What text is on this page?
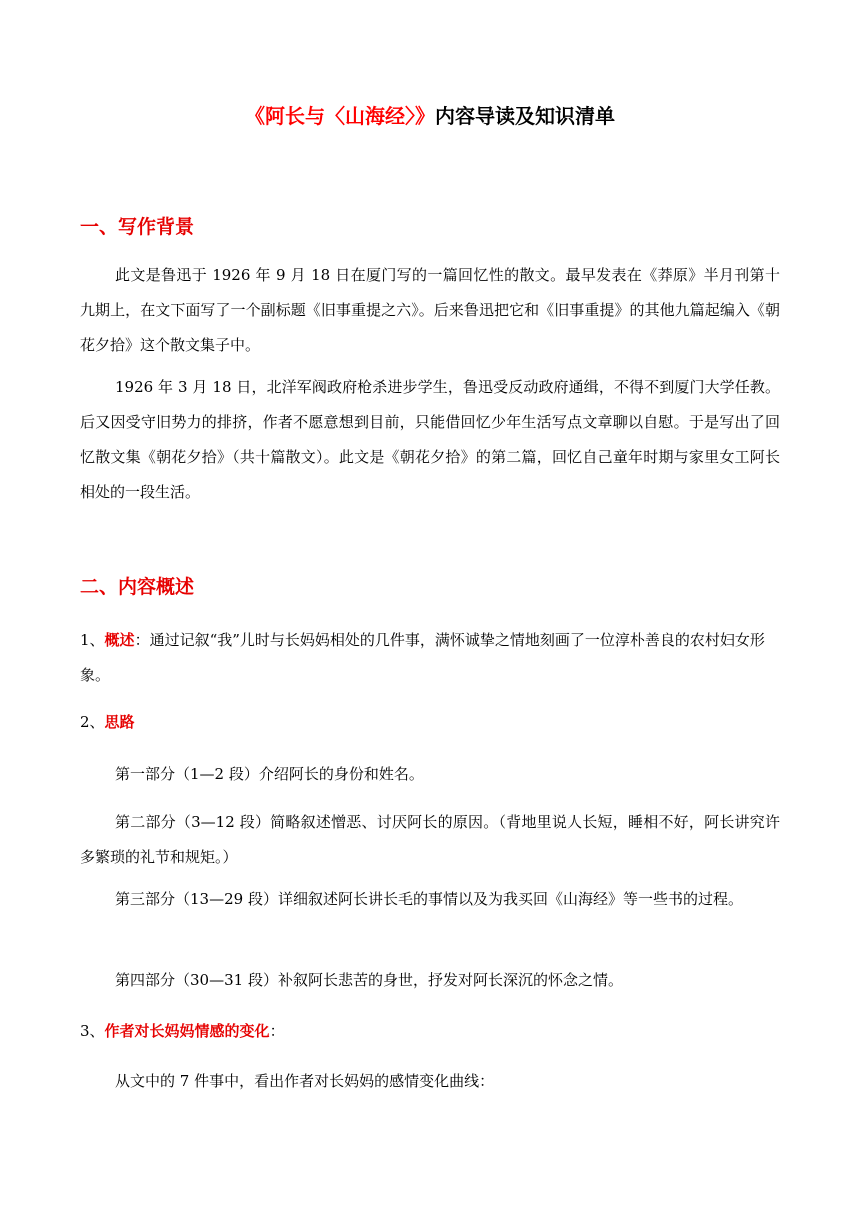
《阿长与〈山海经〉》内容导读及知识清单
一、写作背景
此文是鲁迅于 1926 年 9 月 18 日在厦门写的一篇回忆性的散文。最早发表在《莽原》半月刊第十九期上，在文下面写了一个副标题《旧事重提之六》。后来鲁迅把它和《旧事重提》的其他九篇起编入《朝花夕拾》这个散文集子中。
1926 年 3 月 18 日，北洋军阀政府枪杀进步学生，鲁迅受反动政府通缉，不得不到厦门大学任教。后又因受守旧势力的排挤，作者不愿意想到目前，只能借回忆少年生活写点文章聊以自慰。于是写出了回忆散文集《朝花夕拾》（共十篇散文）。此文是《朝花夕拾》的第二篇，回忆自己童年时期与家里女工阿长相处的一段生活。
二、内容概述
1、概述：通过记叙“我”儿时与长妈妈相处的几件事，满怀诚挚之情地刻画了一位淳朴善良的农村妇女形象。
2、思路
第一部分（1—2 段）介绍阿长的身份和姓名。
第二部分（3—12 段）简略叙述憎恶、讨厌阿长的原因。（背地里说人长短，睡相不好，阿长讲究许多繁琐的礼节和规矩。）
第三部分（13—29 段）详细叙述阿长讲长毛的事情以及为我买回《山海经》等一些书的过程。
第四部分（30—31 段）补叙阿长悲苦的身世，抒发对阿长深沉的怀念之情。
3、作者对长妈妈情感的变化：
从文中的 7 件事中，看出作者对长妈妈的感情变化曲线：
